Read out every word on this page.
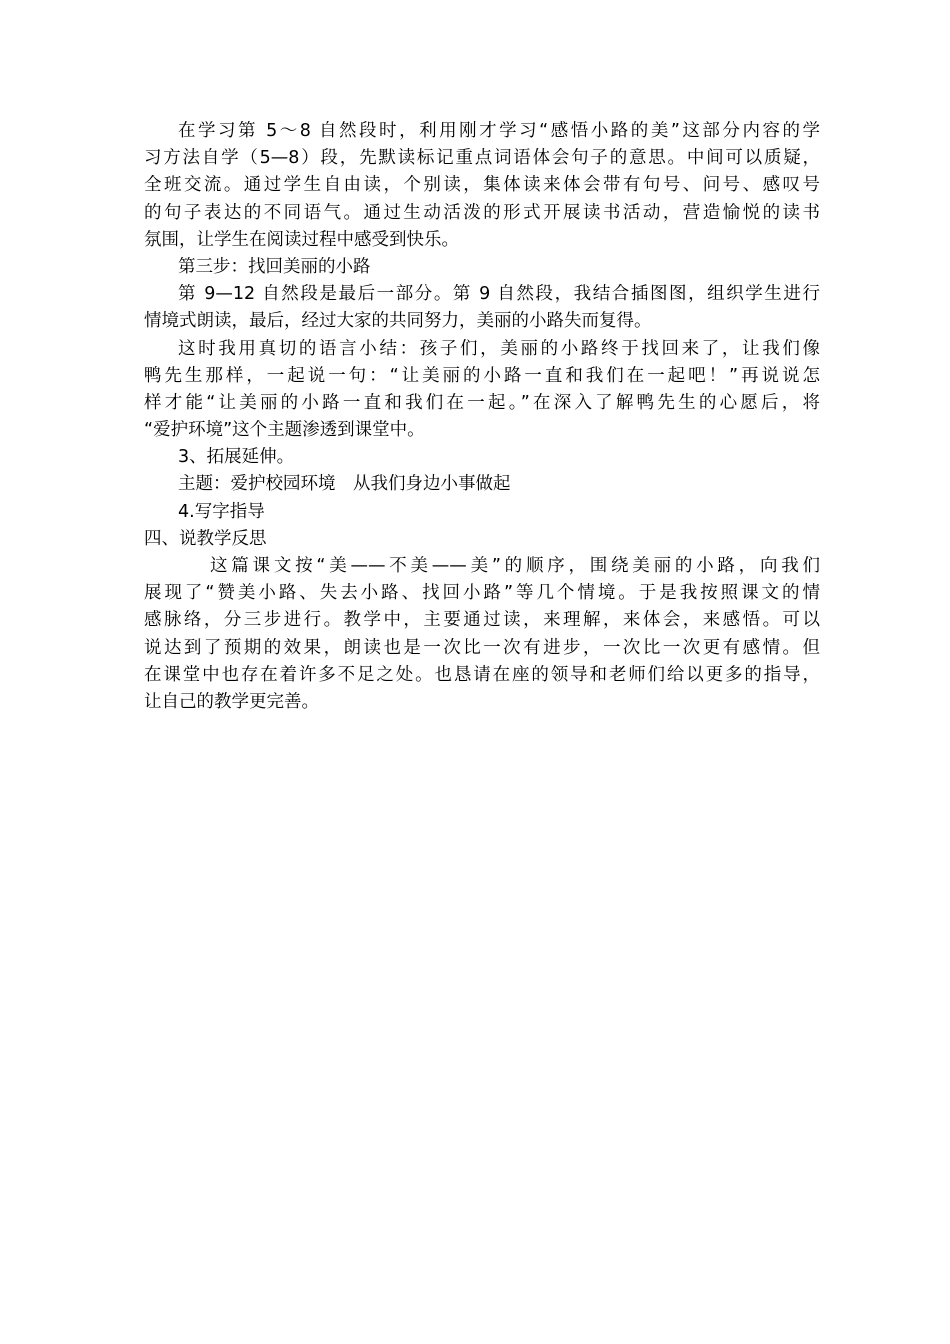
在学习第 5～8 自然段时，利用刚才学习“感悟小路的美”这部分内容的学
习方法自学（5—8）段，先默读标记重点词语体会句子的意思。中间可以质疑，
全班交流。通过学生自由读，个别读，集体读来体会带有句号、问号、感叹号
的句子表达的不同语气。通过生动活泼的形式开展读书活动，营造愉悦的读书
氛围，让学生在阅读过程中感受到快乐。
第三步：找回美丽的小路
第 9—12 自然段是最后一部分。第 9 自然段，我结合插图图，组织学生进行
情境式朗读，最后，经过大家的共同努力，美丽的小路失而复得。
这时我用真切的语言小结：孩子们，美丽的小路终于找回来了，让我们像
鸭先生那样，一起说一句：“让美丽的小路一直和我们在一起吧！”再说说怎
样才能“让美丽的小路一直和我们在一起。”在深入了解鸭先生的心愿后，将
“爱护环境”这个主题渗透到课堂中。
3、拓展延伸。
主题：爱护校园环境　从我们身边小事做起
4.写字指导
四、说教学反思
这篇课文按“美——不美——美”的顺序，围绕美丽的小路，向我们
展现了“赞美小路、失去小路、找回小路”等几个情境。于是我按照课文的情
感脉络，分三步进行。教学中，主要通过读，来理解，来体会，来感悟。可以
说达到了预期的效果，朗读也是一次比一次有进步，一次比一次更有感情。但
在课堂中也存在着许多不足之处。也恳请在座的领导和老师们给以更多的指导，
让自己的教学更完善。
